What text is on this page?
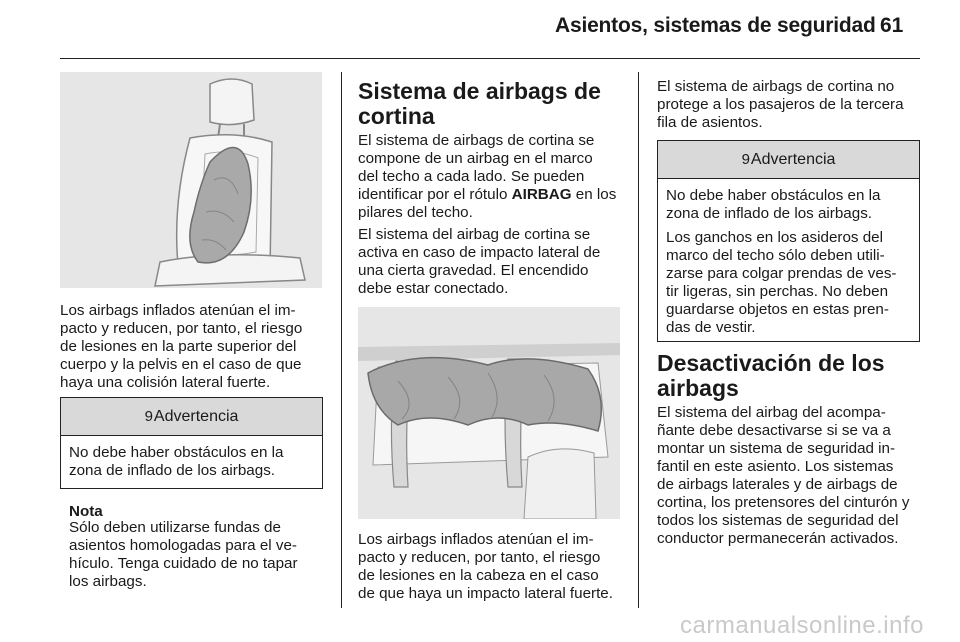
Asientos, sistemas de seguridad 61

Los airbags inflados atenúan el im-
pacto y reducen, por tanto, el riesgo
de lesiones en la parte superior del
cuerpo y la pelvis en el caso de que
haya una colisión lateral fuerte.

9 Advertencia

No debe haber obstáculos en la
zona de inflado de los airbags.

Nota

Sólo deben utilizarse fundas de
asientos homologadas para el ve-
hículo. Tenga cuidado de no tapar
los airbags.

Sistema de airbags de
cortina

El sistema de airbags de cortina se
compone de un airbag en el marco
del techo a cada lado. Se pueden
identificar por el rótulo AIRBAG en los
pilares del techo.

El sistema del airbag de cortina se
activa en caso de impacto lateral de
una cierta gravedad. El encendido
debe estar conectado.

Los airbags inflados atenúan el im-
pacto y reducen, por tanto, el riesgo
de lesiones en la cabeza en el caso
de que haya un impacto lateral fuerte.

El sistema de airbags de cortina no
protege a los pasajeros de la tercera
fila de asientos.

9 Advertencia

No debe haber obstáculos en la
zona de inflado de los airbags.

Los ganchos en los asideros del
marco del techo sólo deben utili-
zarse para colgar prendas de ves-
tir ligeras, sin perchas. No deben
guardarse objetos en estas pren-
das de vestir.

Desactivación de los
airbags

El sistema del airbag del acompa-
ñante debe desactivarse si se va a
montar un sistema de seguridad in-
fantil en este asiento. Los sistemas
de airbags laterales y de airbags de
cortina, los pretensores del cinturón y
todos los sistemas de seguridad del
conductor permanecerán activados.

carmanualsonline.info
